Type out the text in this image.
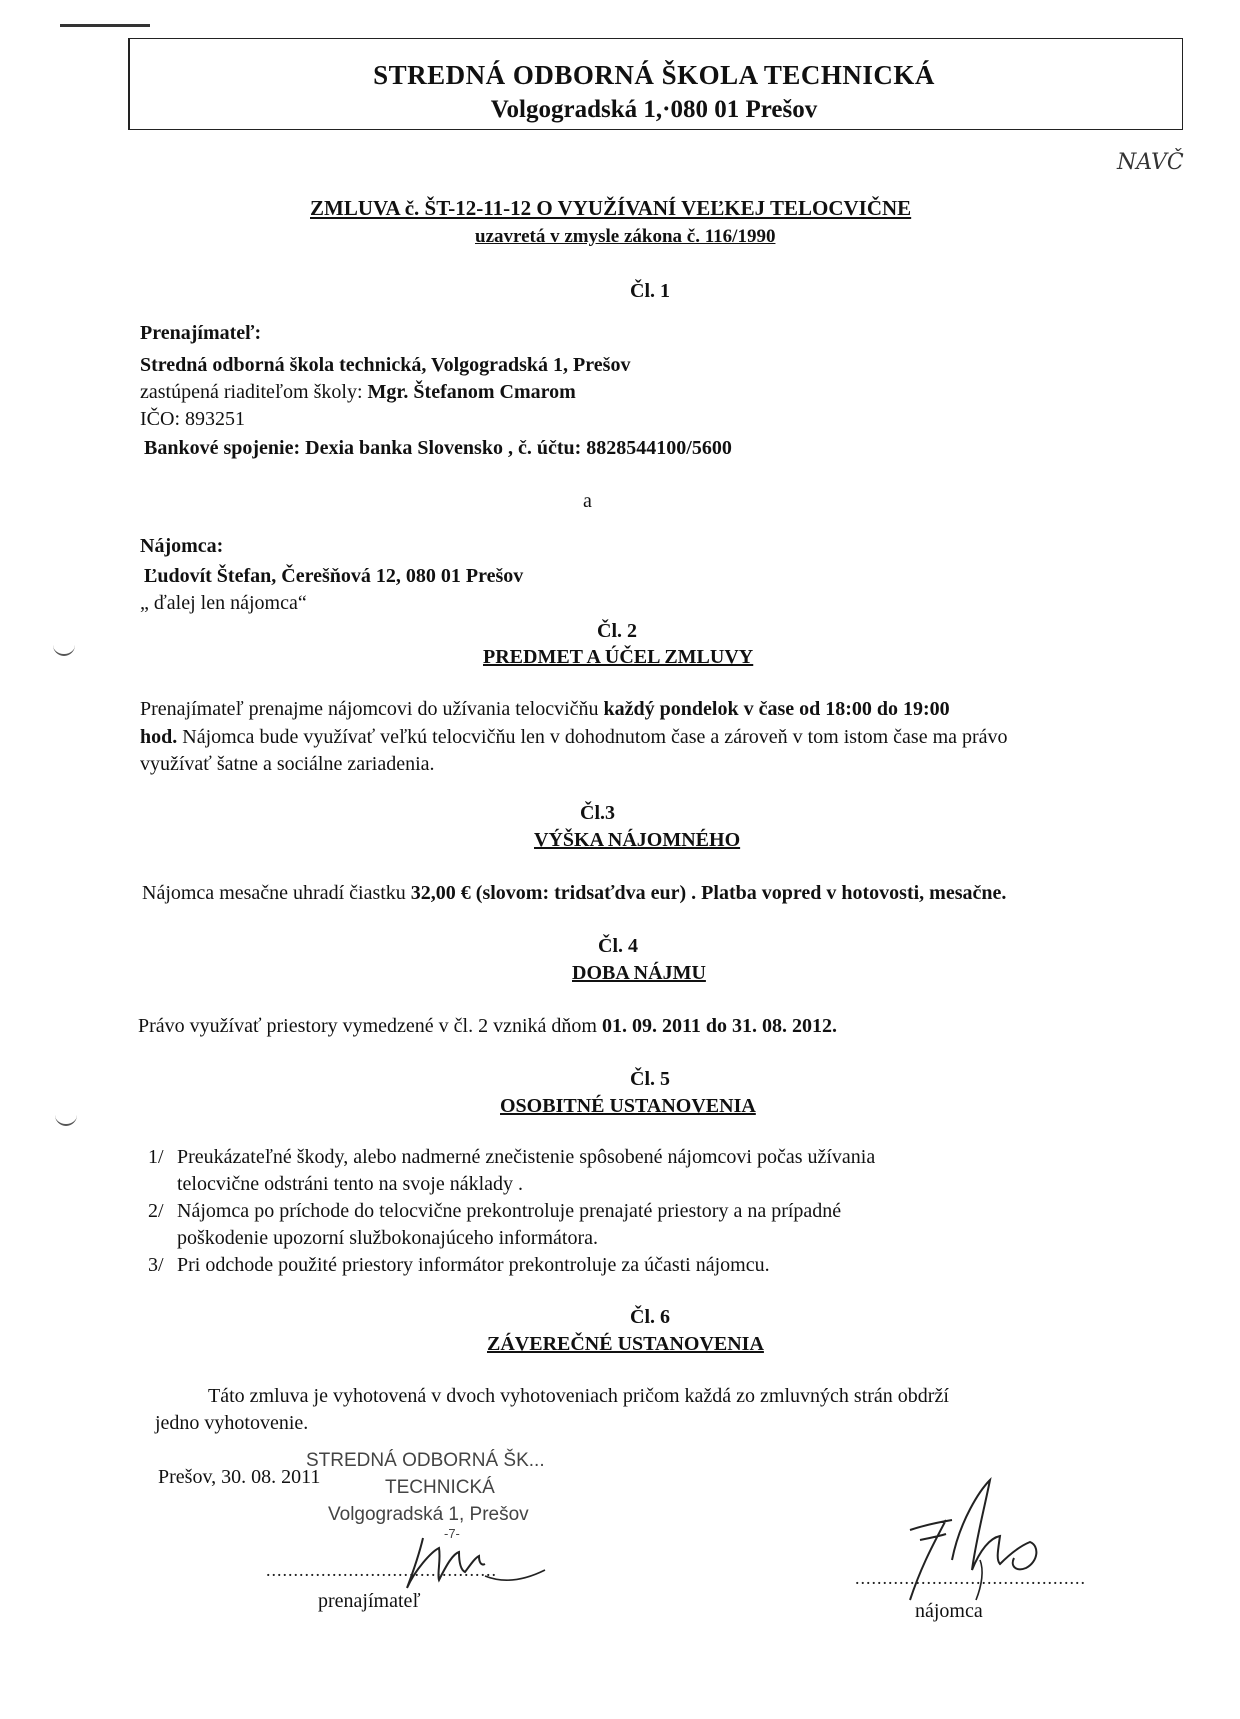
STREDNÁ ODBORNÁ ŠKOLA TECHNICKÁ
Volgogradská 1,·080 01 Prešov
NAVČ
ZMLUVA č. ŠT-12-11-12 O VYUŽÍVANÍ VEĽKEJ TELOCVIČNE
uzavretá v zmysle zákona č. 116/1990
Čl. 1
Prenajímateľ:
Stredná odborná škola technická, Volgogradská 1, Prešov
zastúpená riaditeľom školy: Mgr. Štefanom Cmarom
IČO: 893251
Bankové spojenie: Dexia banka Slovensko , č. účtu: 8828544100/5600
a
Nájomca:
Ľudovít Štefan, Čerešňová 12, 080 01 Prešov
„ ďalej len nájomca“
Čl. 2
PREDMET A ÚČEL ZMLUVY
Prenajímateľ prenajme nájomcovi do užívania telocvičňu každý pondelok v čase od 18:00 do 19:00
hod. Nájomca bude využívať veľkú telocvičňu len v dohodnutom čase a zároveň v tom istom čase ma právo
využívať šatne a sociálne zariadenia.
Čl.3
VÝŠKA NÁJOMNÉHO
Nájomca mesačne uhradí čiastku 32,00 € (slovom: tridsaťdva eur) . Platba vopred v hotovosti, mesačne.
Čl. 4
DOBA NÁJMU
Právo využívať priestory vymedzené v čl. 2 vzniká dňom 01. 09. 2011 do 31. 08. 2012.
Čl. 5
OSOBITNÉ USTANOVENIA
1/ Preukázateľné škody, alebo nadmerné znečistenie spôsobené nájomcovi počas užívania
telocvične odstráni tento na svoje náklady .
2/ Nájomca po príchode do telocvične prekontroluje prenajaté priestory a na prípadné
poškodenie upozorní službokonajúceho informátora.
3/ Pri odchode použité priestory informátor prekontroluje za účasti nájomcu.
Čl. 6
ZÁVEREČNÉ USTANOVENIA
Táto zmluva je vyhotovená v dvoch vyhotoveniach pričom každá zo zmluvných strán obdrží
jedno vyhotovenie.
Prešov, 30. 08. 2011
STREDNÁ ODBORNÁ ŠK...
TECHNICKÁ
Volgogradská 1, Prešov
-7-
..........................................
prenajímateľ
..........................................
nájomca
